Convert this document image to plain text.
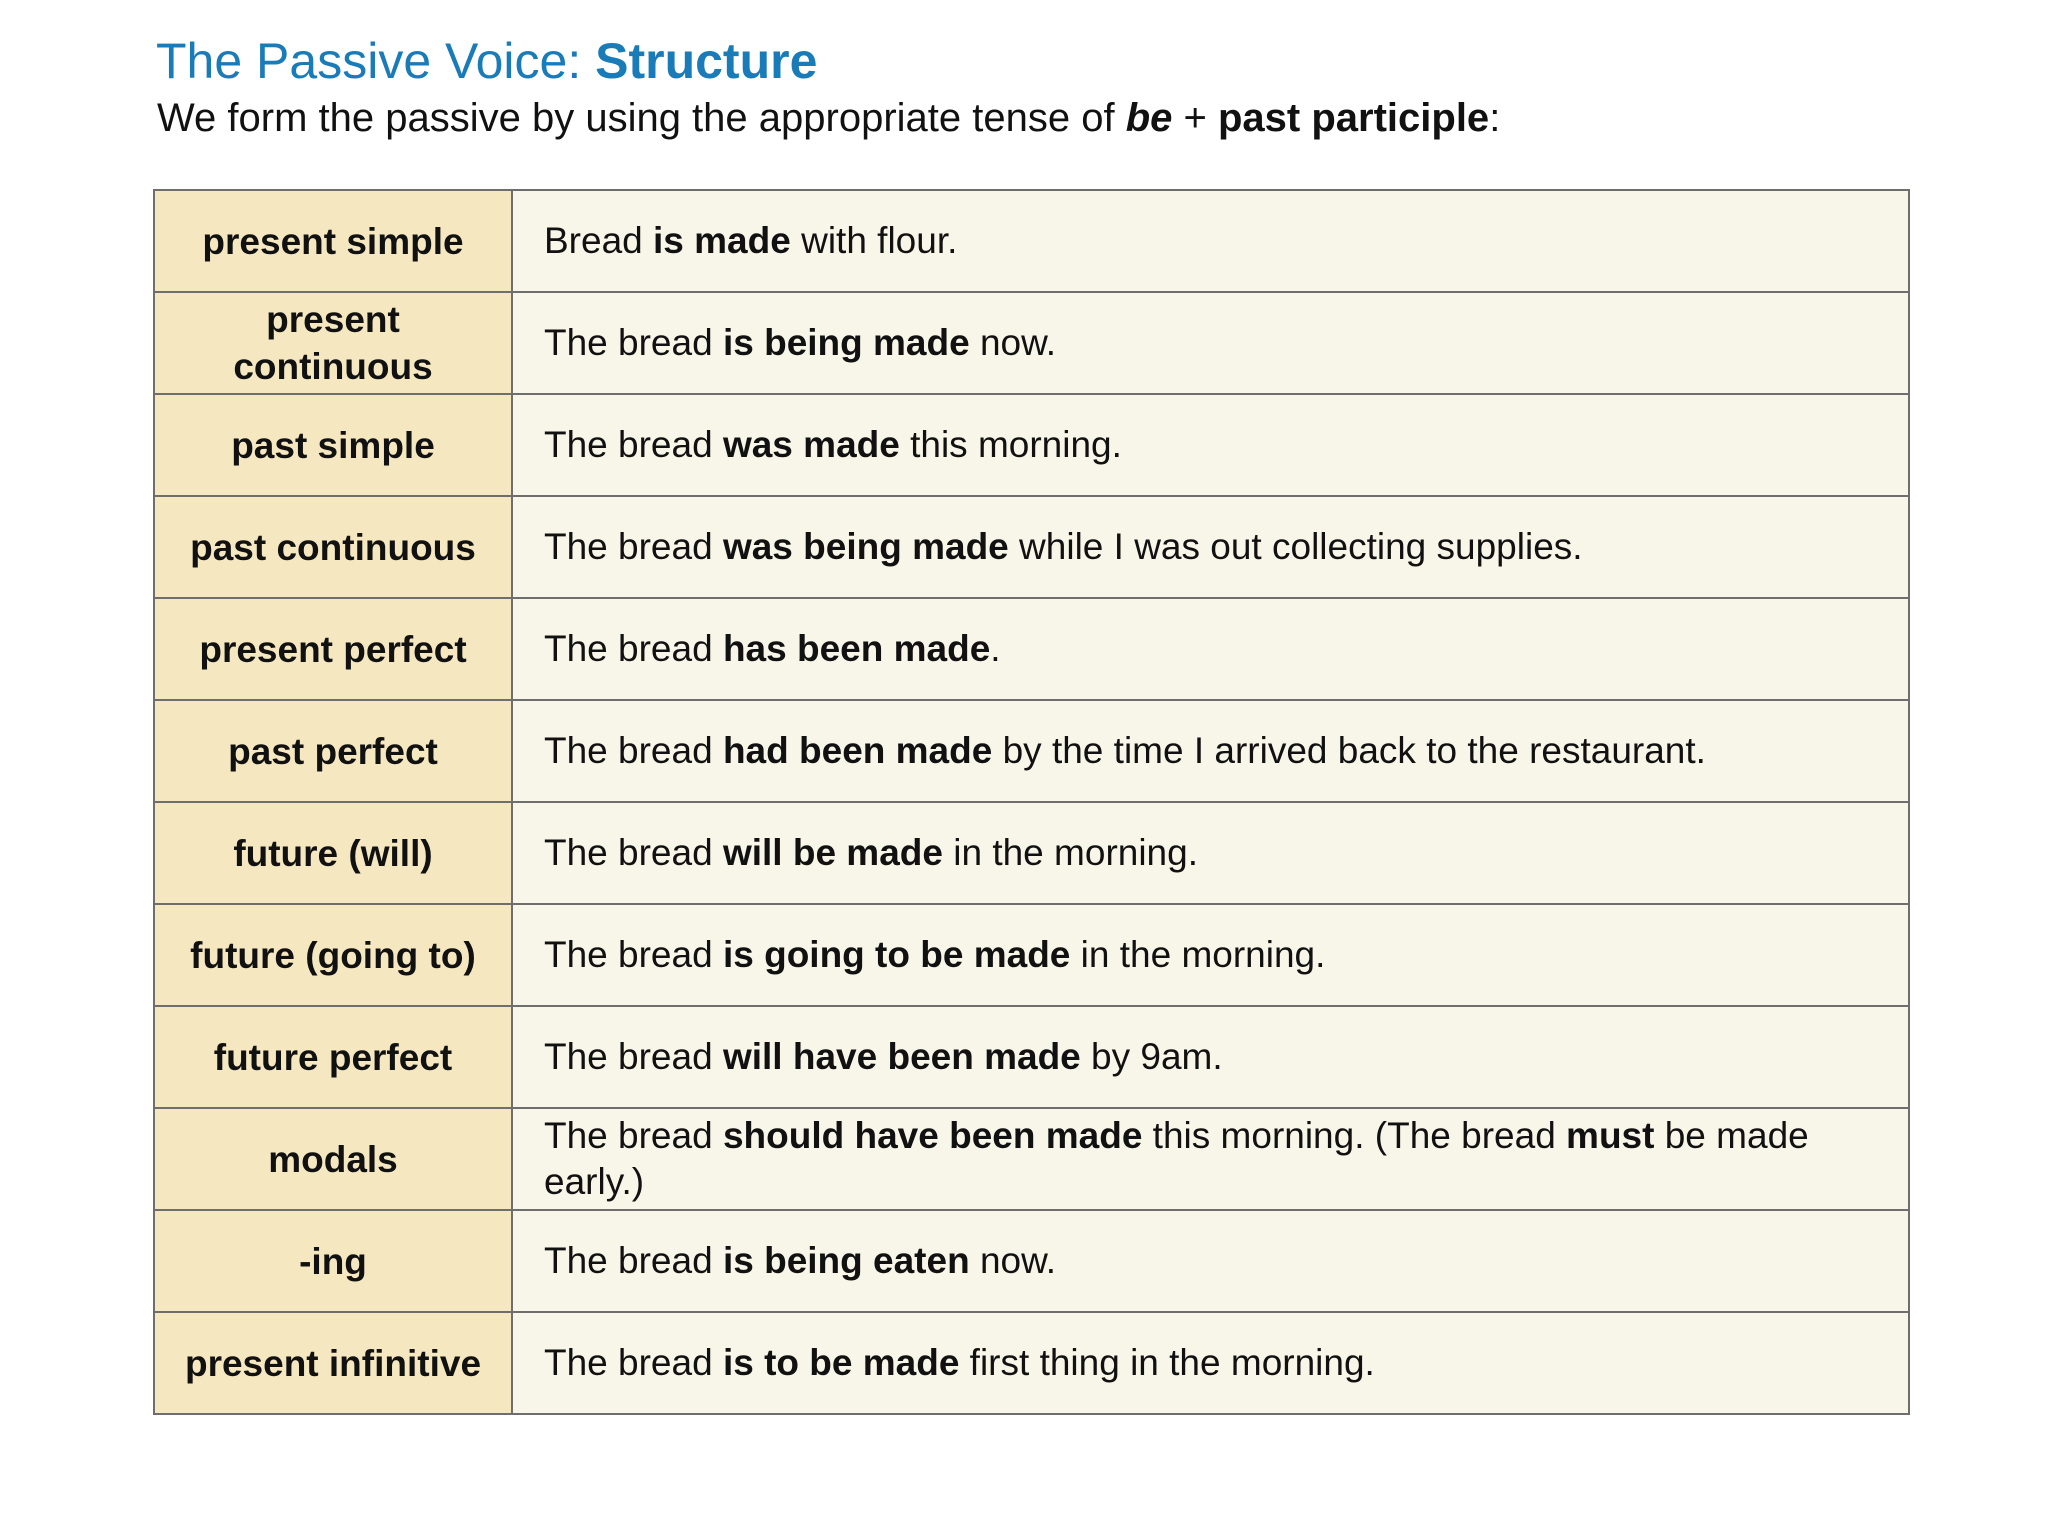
The Passive Voice: Structure
We form the passive by using the appropriate tense of be + past participle:
present simple	Bread is made with flour.
present continuous	The bread is being made now.
past simple	The bread was made this morning.
past continuous	The bread was being made while I was out collecting supplies.
present perfect	The bread has been made.
past perfect	The bread had been made by the time I arrived back to the restaurant.
future (will)	The bread will be made in the morning.
future (going to)	The bread is going to be made in the morning.
future perfect	The bread will have been made by 9am.
modals	The bread should have been made this morning. (The bread must be made early.)
-ing	The bread is being eaten now.
present infinitive	The bread is to be made first thing in the morning.
